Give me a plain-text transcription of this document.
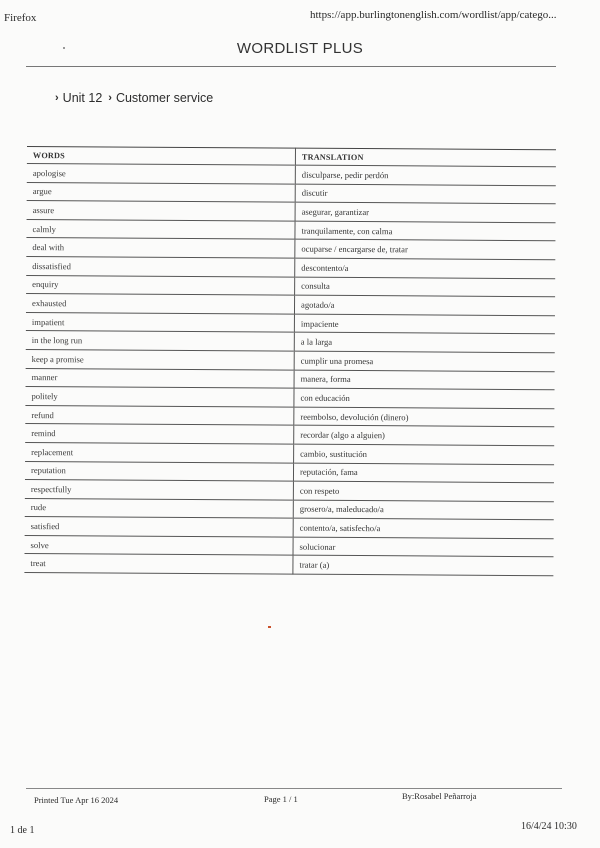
Firefox	https://app.burlingtonenglish.com/wordlist/app/catego...
WORDLIST PLUS
› Unit 12 › Customer service
WORDS	TRANSLATION
apologise	disculparse, pedir perdón
argue	discutir
assure	asegurar, garantizar
calmly	tranquilamente, con calma
deal with	ocuparse / encargarse de, tratar
dissatisfied	descontento/a
enquiry	consulta
exhausted	agotado/a
impatient	impaciente
in the long run	a la larga
keep a promise	cumplir una promesa
manner	manera, forma
politely	con educación
refund	reembolso, devolución (dinero)
remind	recordar (algo a alguien)
replacement	cambio, sustitución
reputation	reputación, fama
respectfully	con respeto
rude	grosero/a, maleducado/a
satisfied	contento/a, satisfecho/a
solve	solucionar
treat	tratar (a)
Printed Tue Apr 16 2024	Page 1 / 1	By:Rosabel Peñarroja
1 de 1	16/4/24 10:30
